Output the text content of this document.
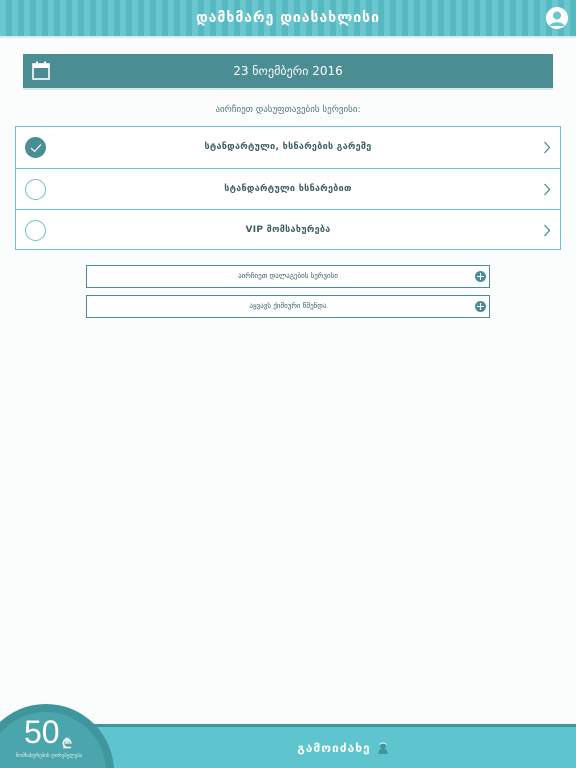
დამხმარე დიასახლისი
23 ნოემბერი 2016
აირჩიეთ დასუფთავების სერვისი:
სტანდარტული, ხსნარების გარეშე
სტანდარტული ხსნარებით
VIP მომსახურება
აირჩიეთ დალაგების სერვისი
აყვავს ქიმიური წმენდა
გამოიძახე
50 ₾
მომსახურების ღირებულება
